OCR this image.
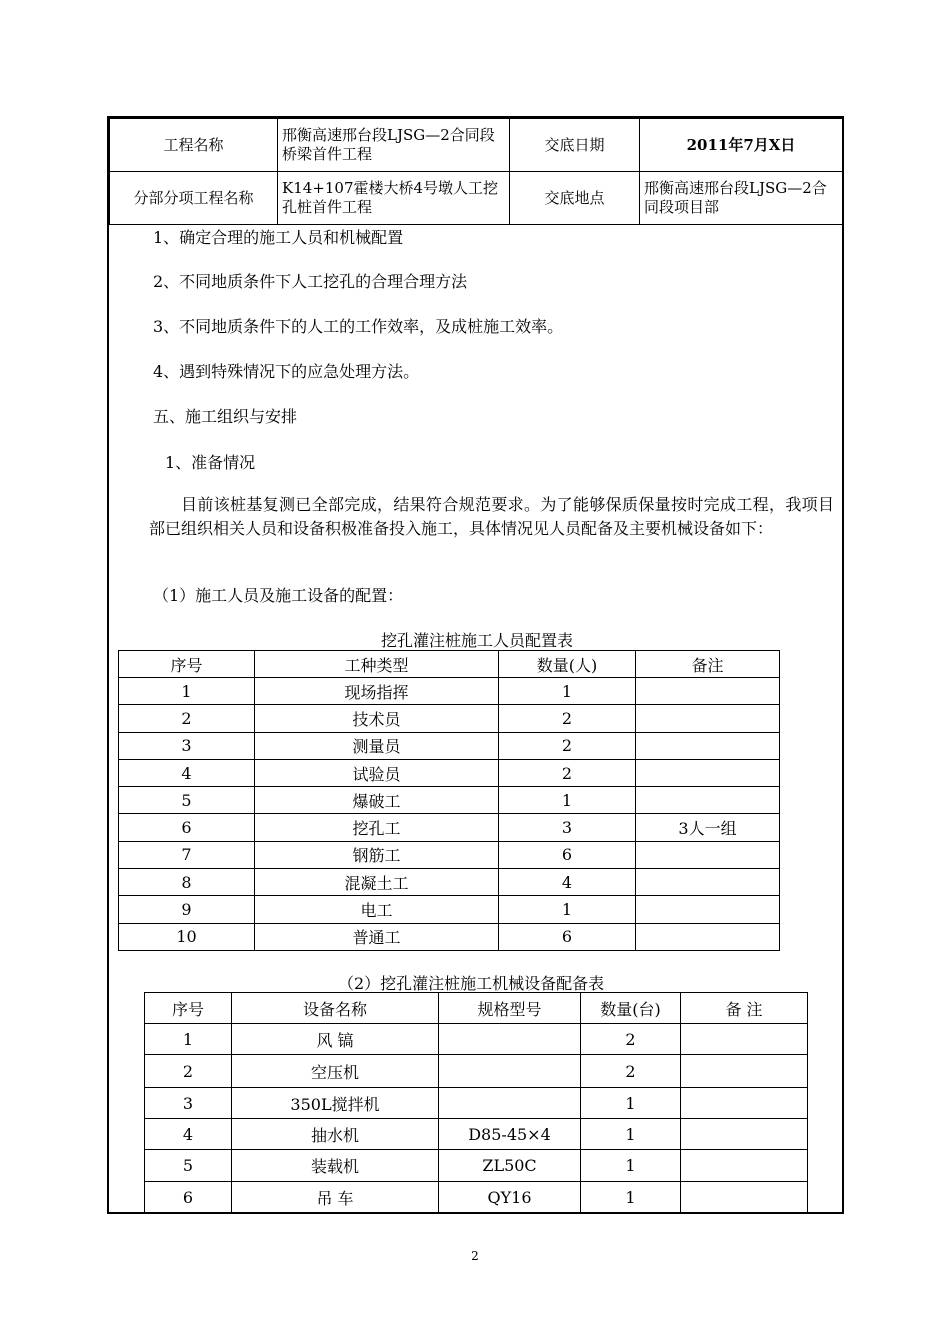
工程名称	邢衡高速邢台段LJSG—2合同段桥梁首件工程	交底日期	2011年7月X日
分部分项工程名称	K14+107霍楼大桥4号墩人工挖孔桩首件工程	交底地点	邢衡高速邢台段LJSG—2合同段项目部
1、确定合理的施工人员和机械配置
2、不同地质条件下人工挖孔的合理合理方法
3、不同地质条件下的人工的工作效率，及成桩施工效率。
4、遇到特殊情况下的应急处理方法。
五、施工组织与安排
1、准备情况
目前该桩基复测已全部完成，结果符合规范要求。为了能够保质保量按时完成工程，我项目部已组织相关人员和设备积极准备投入施工，具体情况见人员配备及主要机械设备如下：
（1）施工人员及施工设备的配置：
挖孔灌注桩施工人员配置表
序号	工种类型	数量(人)	备注
1	现场指挥	1	
2	技术员	2	
3	测量员	2	
4	试验员	2	
5	爆破工	1	
6	挖孔工	3	3人一组
7	钢筋工	6	
8	混凝土工	4	
9	电工	1	
10	普通工	6	
（2）挖孔灌注桩施工机械设备配备表
序号	设备名称	规格型号	数量(台)	备 注
1	风 镐		2	
2	空压机		2	
3	350L搅拌机		1	
4	抽水机	D85-45×4	1	
5	装载机	ZL50C	1	
6	吊 车	QY16	1	
2
